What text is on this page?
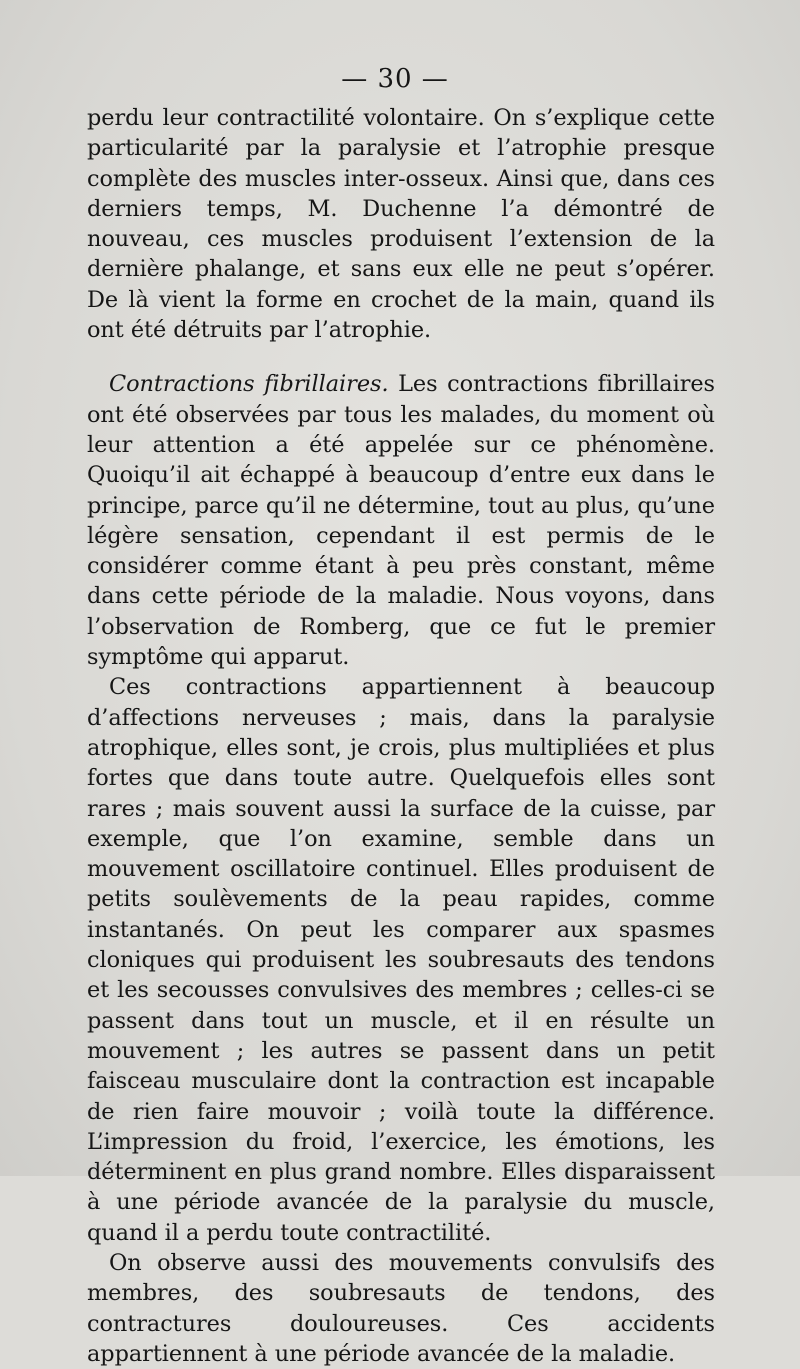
— 30 —

perdu leur contractilité volontaire. On s’explique cette particularité par la paralysie et l’atrophie presque complète des muscles inter-osseux. Ainsi que, dans ces derniers temps, M. Duchenne l’a démontré de nouveau, ces muscles produisent l’extension de la dernière phalange, et sans eux elle ne peut s’opérer. De là vient la forme en crochet de la main, quand ils ont été détruits par l’atrophie.

Contractions fibrillaires. Les contractions fibrillaires ont été observées par tous les malades, du moment où leur attention a été appelée sur ce phénomène. Quoiqu’il ait échappé à beaucoup d’entre eux dans le principe, parce qu’il ne détermine, tout au plus, qu’une légère sensation, cependant il est permis de le considérer comme étant à peu près constant, même dans cette période de la maladie. Nous voyons, dans l’observation de Romberg, que ce fut le premier symptôme qui apparut.

Ces contractions appartiennent à beaucoup d’affections nerveuses ; mais, dans la paralysie atrophique, elles sont, je crois, plus multipliées et plus fortes que dans toute autre. Quelquefois elles sont rares ; mais souvent aussi la surface de la cuisse, par exemple, que l’on examine, semble dans un mouvement oscillatoire continuel. Elles produisent de petits soulèvements de la peau rapides, comme instantanés. On peut les comparer aux spasmes cloniques qui produisent les soubresauts des tendons et les secousses convulsives des membres ; celles-ci se passent dans tout un muscle, et il en résulte un mouvement ; les autres se passent dans un petit faisceau musculaire dont la contraction est incapable de rien faire mouvoir ; voilà toute la différence. L’impression du froid, l’exercice, les émotions, les déterminent en plus grand nombre. Elles disparaissent à une période avancée de la paralysie du muscle, quand il a perdu toute contractilité.

On observe aussi des mouvements convulsifs des membres, des soubresauts de tendons, des contractures douloureuses. Ces accidents appartiennent à une période avancée de la maladie.
